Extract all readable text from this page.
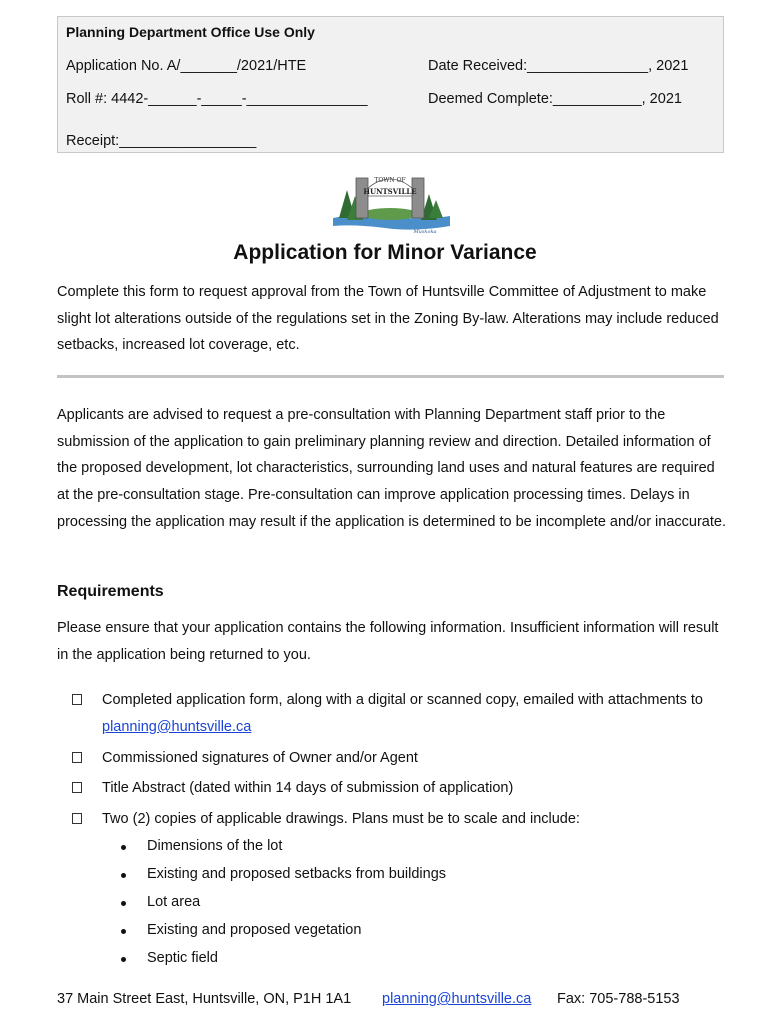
Planning Department Office Use Only
Application No. A/_______/2021/HTE	Date Received:_______________, 2021
Roll #: 4442-______-_____-_______________	Deemed Complete:___________, 2021
Receipt:_________________
TOWN OF
HUNTSVILLE
Muskoka
Application for Minor Variance
Complete this form to request approval from the Town of Huntsville Committee of Adjustment to make slight lot alterations outside of the regulations set in the Zoning By-law. Alterations may include reduced setbacks, increased lot coverage, etc.
Applicants are advised to request a pre-consultation with Planning Department staff prior to the submission of the application to gain preliminary planning review and direction. Detailed information of the proposed development, lot characteristics, surrounding land uses and natural features are required at the pre-consultation stage. Pre-consultation can improve application processing times. Delays in processing the application may result if the application is determined to be incomplete and/or inaccurate.
Requirements
Please ensure that your application contains the following information. Insufficient information will result in the application being returned to you.
Completed application form, along with a digital or scanned copy, emailed with attachments to planning@huntsville.ca
Commissioned signatures of Owner and/or Agent
Title Abstract (dated within 14 days of submission of application)
Two (2) copies of applicable drawings. Plans must be to scale and include:
Dimensions of the lot
Existing and proposed setbacks from buildings
Lot area
Existing and proposed vegetation
Septic field
37 Main Street East, Huntsville, ON, P1H 1A1 planning@huntsville.ca Fax: 705-788-5153
